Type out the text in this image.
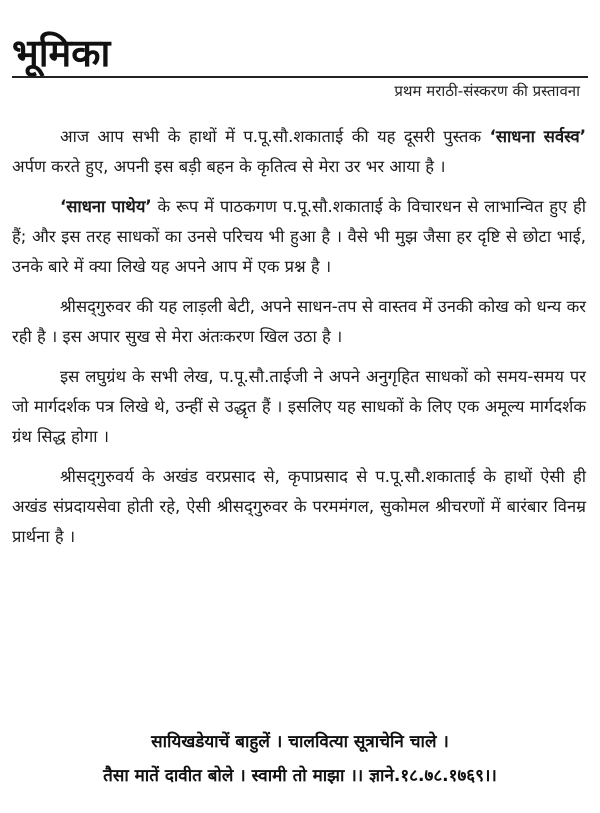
भूमिका
प्रथम मराठी-संस्करण की प्रस्तावना

आज आप सभी के हाथों में प.पू.सौ.शकाताई की यह दूसरी पुस्तक ‘साधना सर्वस्व’ अर्पण करते हुए, अपनी इस बड़ी बहन के कृतित्व से मेरा उर भर आया है ।

‘साधना पाथेय’ के रूप में पाठकगण प.पू.सौ.शकाताई के विचारधन से लाभान्वित हुए ही हैं; और इस तरह साधकों का उनसे परिचय भी हुआ है । वैसे भी मुझ जैसा हर दृष्टि से छोटा भाई, उनके बारे में क्या लिखे यह अपने आप में एक प्रश्न है ।

श्रीसद्‌गुरुवर की यह लाड़ली बेटी, अपने साधन-तप से वास्तव में उनकी कोख को धन्य कर रही है । इस अपार सुख से मेरा अंतःकरण खिल उठा है ।

इस लघुग्रंथ के सभी लेख, प.पू.सौ.ताईजी ने अपने अनुगृहित साधकों को समय-समय पर जो मार्गदर्शक पत्र लिखे थे, उन्हीं से उद्धृत हैं । इसलिए यह साधकों के लिए एक अमूल्य मार्गदर्शक ग्रंथ सिद्ध होगा ।

श्रीसद्‌गुरुवर्य के अखंड वरप्रसाद से, कृपाप्रसाद से प.पू.सौ.शकाताई के हाथों ऐसी ही अखंड संप्रदायसेवा होती रहे, ऐसी श्रीसद्‌गुरुवर के परममंगल, सुकोमल श्रीचरणों में बारंबार विनम्र प्रार्थना है ।

सायिखडेयाचें बाहुलें । चालवित्या सूत्राचेनि चाले ।
तैसा मातें दावीत बोले । स्वामी तो माझा ।। ज्ञाने.१८.७८.१७६९।।
